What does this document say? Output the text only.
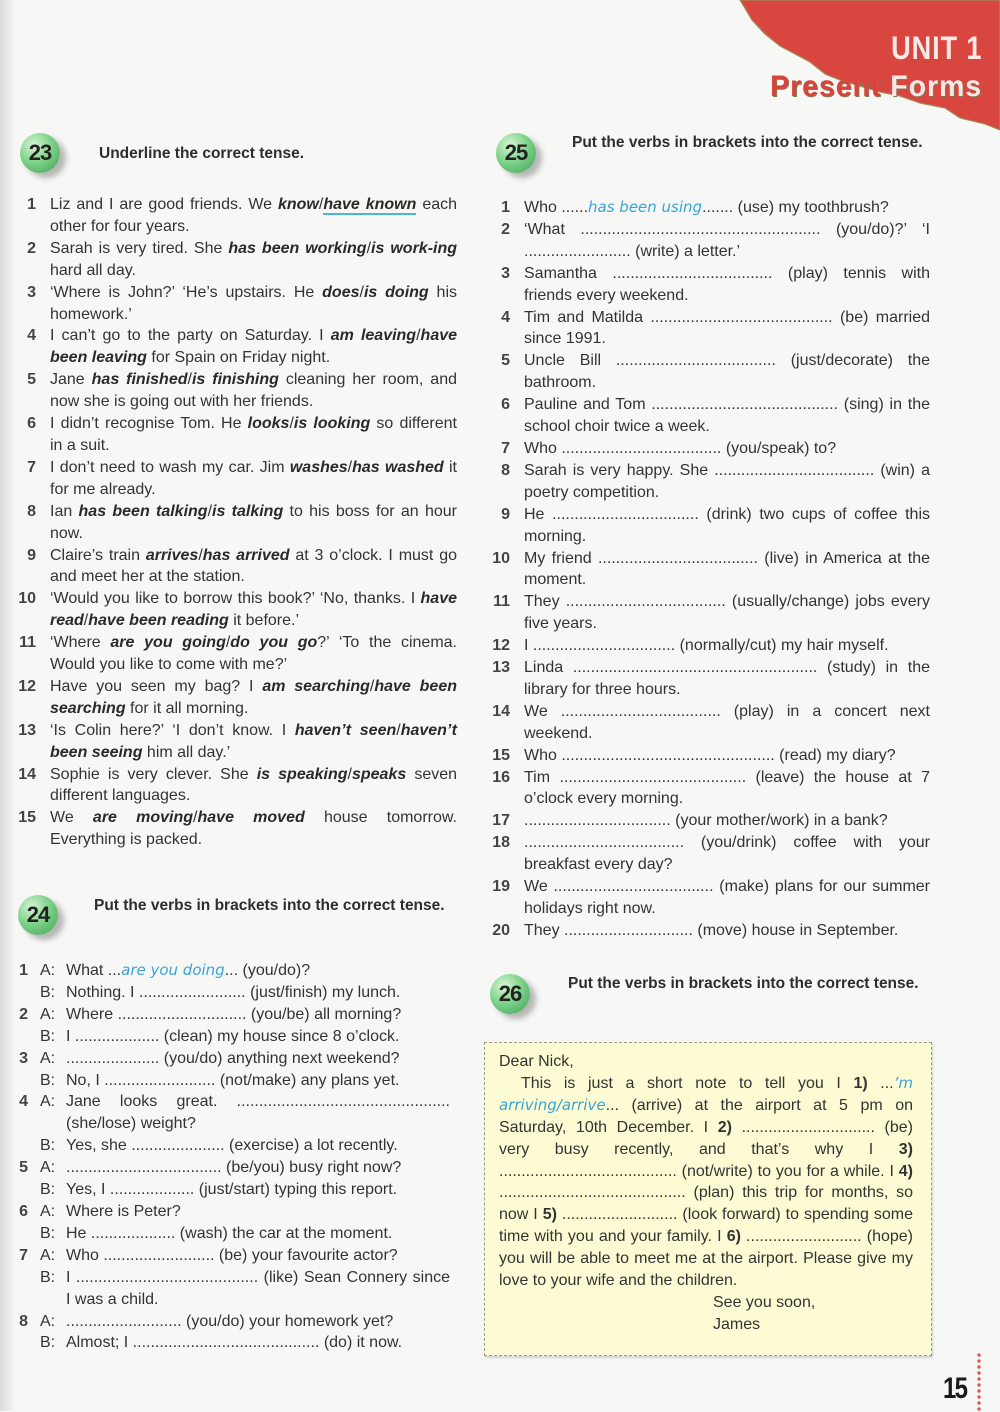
UNIT 1
Present Forms
23	Underline the correct tense.
1 Liz and I are good friends. We know/have known each other for four years.
2 Sarah is very tired. She has been working/is work-ing hard all day.
3 ‘Where is John?’ ‘He’s upstairs. He does/is doing his homework.’
4 I can’t go to the party on Saturday. I am leaving/have been leaving for Spain on Friday night.
5 Jane has finished/is finishing cleaning her room, and now she is going out with her friends.
6 I didn’t recognise Tom. He looks/is looking so different in a suit.
7 I don’t need to wash my car. Jim washes/has washed it for me already.
8 Ian has been talking/is talking to his boss for an hour now.
9 Claire’s train arrives/has arrived at 3 o’clock. I must go and meet her at the station.
10 ‘Would you like to borrow this book?’ ‘No, thanks. I have read/have been reading it before.’
11 ‘Where are you going/do you go?’ ‘To the cinema. Would you like to come with me?’
12 Have you seen my bag? I am searching/have been searching for it all morning.
13 ‘Is Colin here?’ ‘I don’t know. I haven’t seen/haven’t been seeing him all day.’
14 Sophie is very clever. She is speaking/speaks seven different languages.
15 We are moving/have moved house tomorrow. Everything is packed.
24	Put the verbs in brackets into the correct tense.
1 A: What ...are you doing... (you/do)?
B: Nothing. I ........................ (just/finish) my lunch.
2 A: Where ............................. (you/be) all morning?
B: I ................... (clean) my house since 8 o’clock.
3 A: ..................... (you/do) anything next weekend?
B: No, I ......................... (not/make) any plans yet.
4 A: Jane looks great. ................................................ (she/lose) weight?
B: Yes, she ..................... (exercise) a lot recently.
5 A: ................................... (be/you) busy right now?
B: Yes, I ................... (just/start) typing this report.
6 A: Where is Peter?
B: He ................... (wash) the car at the moment.
7 A: Who ......................... (be) your favourite actor?
B: I ......................................... (like) Sean Connery since I was a child.
8 A: .......................... (you/do) your homework yet?
B: Almost; I .......................................... (do) it now.
25	Put the verbs in brackets into the correct tense.
1 Who ......has been using....... (use) my toothbrush?
2 ‘What ...................................................... (you/do)?’ ‘I ........................ (write) a letter.’
3 Samantha .................................... (play) tennis with friends every weekend.
4 Tim and Matilda ......................................... (be) married since 1991.
5 Uncle Bill .................................... (just/decorate) the bathroom.
6 Pauline and Tom .......................................... (sing) in the school choir twice a week.
7 Who .................................... (you/speak) to?
8 Sarah is very happy. She .................................... (win) a poetry competition.
9 He ................................. (drink) two cups of coffee this morning.
10 My friend .................................... (live) in America at the moment.
11 They .................................... (usually/change) jobs every five years.
12 I ................................ (normally/cut) my hair myself.
13 Linda ....................................................... (study) in the library for three hours.
14 We .................................... (play) in a concert next weekend.
15 Who ................................................ (read) my diary?
16 Tim .......................................... (leave) the house at 7 o’clock every morning.
17 ................................. (your mother/work) in a bank?
18 .................................... (you/drink) coffee with your breakfast every day?
19 We .................................... (make) plans for our summer holidays right now.
20 They ............................. (move) house in September.
26	Put the verbs in brackets into the correct tense.
Dear Nick,
This is just a short note to tell you I 1) ...’m arriving/arrive... (arrive) at the airport at 5 pm on Saturday, 10th December. I 2) .............................. (be) very busy recently, and that’s why I 3) ........................................ (not/write) to you for a while. I 4) .......................................... (plan) this trip for months, so now I 5) .......................... (look forward) to spending some time with you and your family. I 6) .......................... (hope) you will be able to meet me at the airport. Please give my love to your wife and the children.
See you soon,
James
15
